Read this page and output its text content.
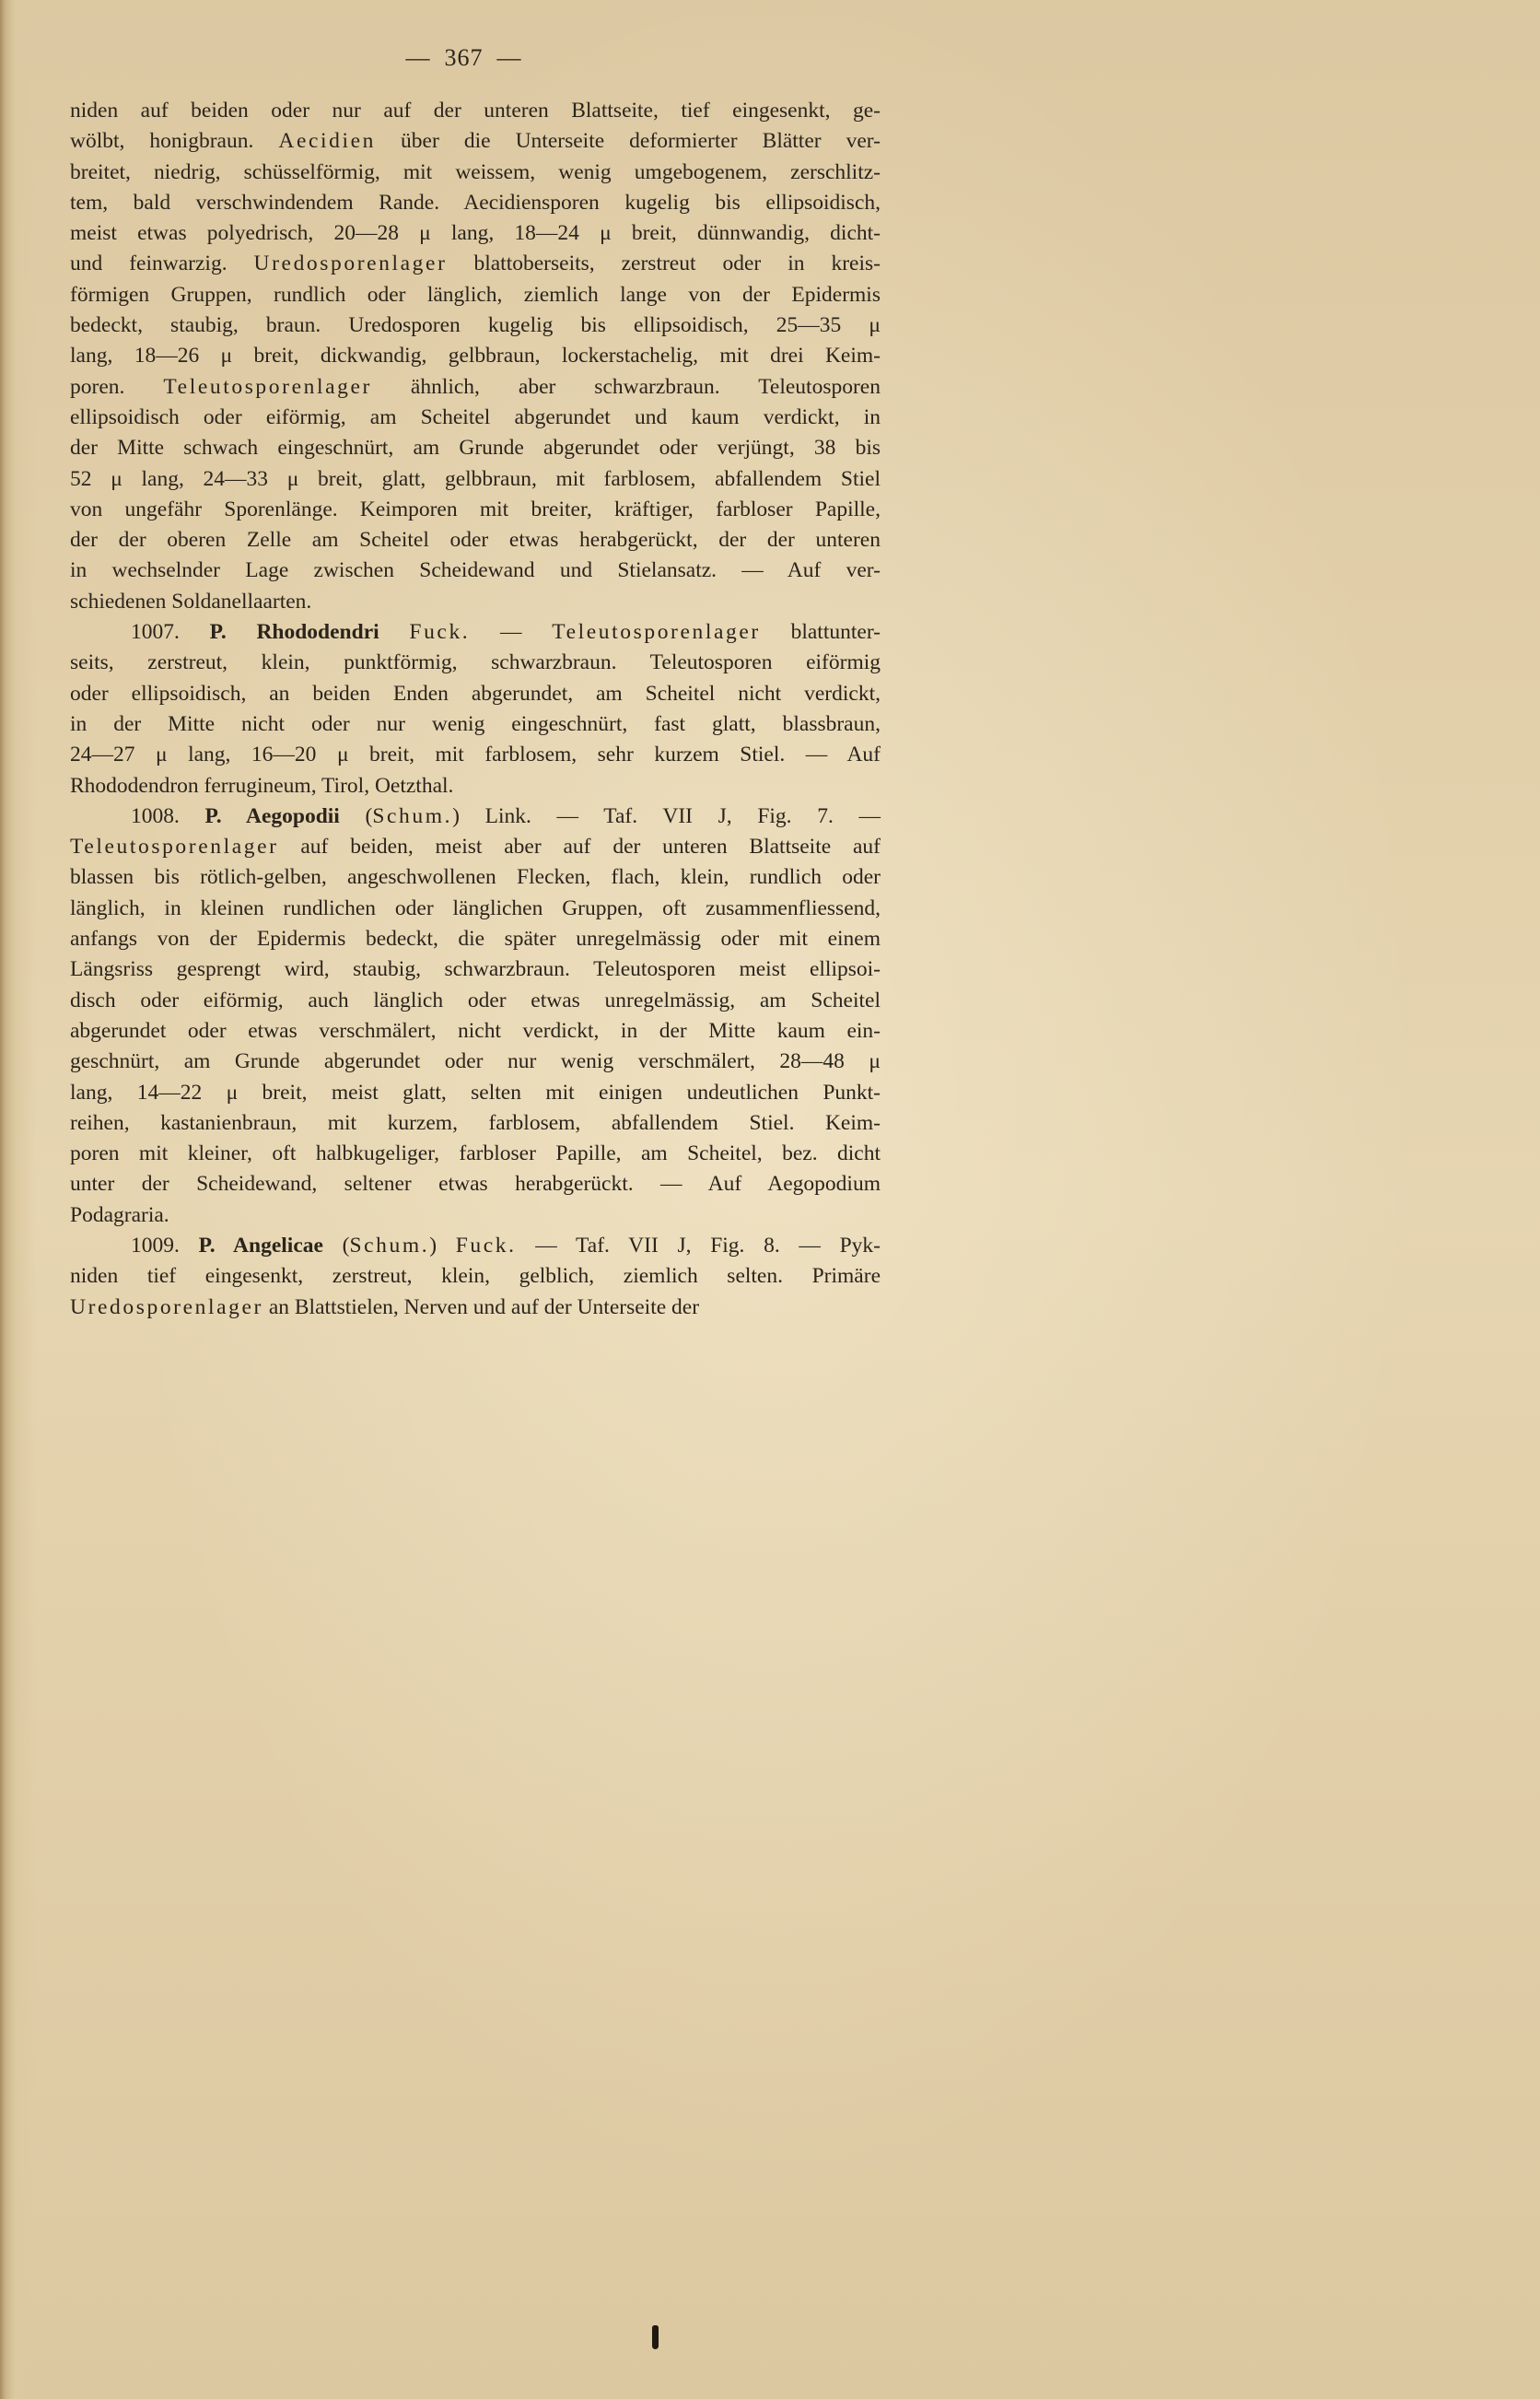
—  367  —
niden auf beiden oder nur auf der unteren Blattseite, tief eingesenkt, ge-
wölbt, honigbraun. Aecidien über die Unterseite deformierter Blätter ver-
breitet, niedrig, schüsselförmig, mit weissem, wenig umgebogenem, zerschlitz-
tem, bald verschwindendem Rande. Aecidiensporen kugelig bis ellipsoidisch,
meist etwas polyedrisch, 20—28 μ lang, 18—24 μ breit, dünnwandig, dicht-
und feinwarzig. Uredosporenlager blattoberseits, zerstreut oder in kreis-
förmigen Gruppen, rundlich oder länglich, ziemlich lange von der Epidermis
bedeckt, staubig, braun. Uredosporen kugelig bis ellipsoidisch, 25—35 μ
lang, 18—26 μ breit, dickwandig, gelbbraun, lockerstachelig, mit drei Keim-
poren. Teleutosporenlager ähnlich, aber schwarzbraun. Teleutosporen
ellipsoidisch oder eiförmig, am Scheitel abgerundet und kaum verdickt, in
der Mitte schwach eingeschnürt, am Grunde abgerundet oder verjüngt, 38 bis
52 μ lang, 24—33 μ breit, glatt, gelbbraun, mit farblosem, abfallendem Stiel
von ungefähr Sporenlänge. Keimporen mit breiter, kräftiger, farbloser Papille,
der der oberen Zelle am Scheitel oder etwas herabgerückt, der der unteren
in wechselnder Lage zwischen Scheidewand und Stielansatz. — Auf ver-
schiedenen Soldanellaarten.
1007. P. Rhododendri Fuck. — Teleutosporenlager blattunter-
seits, zerstreut, klein, punktförmig, schwarzbraun. Teleutosporen eiförmig
oder ellipsoidisch, an beiden Enden abgerundet, am Scheitel nicht verdickt,
in der Mitte nicht oder nur wenig eingeschnürt, fast glatt, blassbraun,
24—27 μ lang, 16—20 μ breit, mit farblosem, sehr kurzem Stiel. — Auf
Rhododendron ferrugineum, Tirol, Oetzthal.
1008. P. Aegopodii (Schum.) Link. — Taf. VII J, Fig. 7. —
Teleutosporenlager auf beiden, meist aber auf der unteren Blattseite auf
blassen bis rötlich-gelben, angeschwollenen Flecken, flach, klein, rundlich oder
länglich, in kleinen rundlichen oder länglichen Gruppen, oft zusammenfliessend,
anfangs von der Epidermis bedeckt, die später unregelmässig oder mit einem
Längsriss gesprengt wird, staubig, schwarzbraun. Teleutosporen meist ellipsoi-
disch oder eiförmig, auch länglich oder etwas unregelmässig, am Scheitel
abgerundet oder etwas verschmälert, nicht verdickt, in der Mitte kaum ein-
geschnürt, am Grunde abgerundet oder nur wenig verschmälert, 28—48 μ
lang, 14—22 μ breit, meist glatt, selten mit einigen undeutlichen Punkt-
reihen, kastanienbraun, mit kurzem, farblosem, abfallendem Stiel. Keim-
poren mit kleiner, oft halbkugeliger, farbloser Papille, am Scheitel, bez. dicht
unter der Scheidewand, seltener etwas herabgerückt. — Auf Aegopodium
Podagraria.
1009. P. Angelicae (Schum.) Fuck. — Taf. VII J, Fig. 8. — Pyk-
niden tief eingesenkt, zerstreut, klein, gelblich, ziemlich selten. Primäre
Uredosporenlager an Blattstielen, Nerven und auf der Unterseite der
